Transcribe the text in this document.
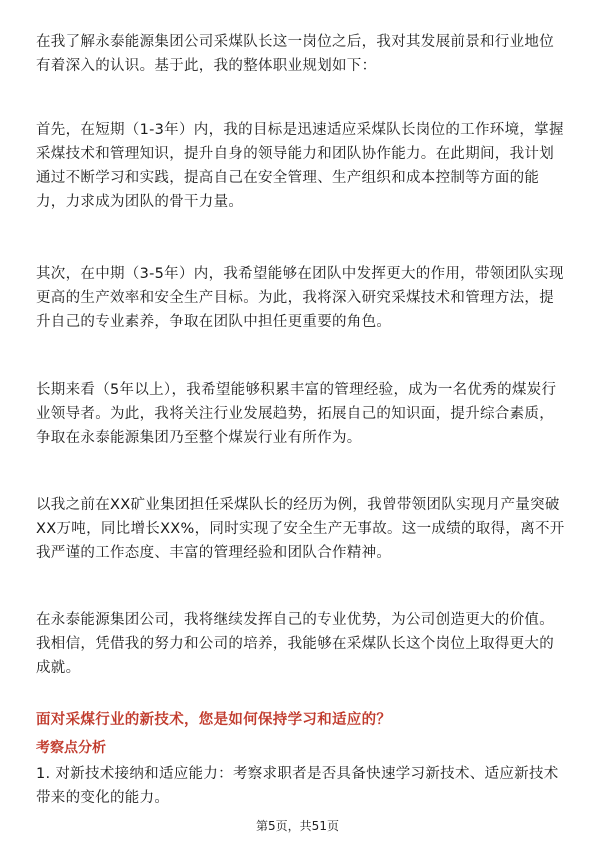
在我了解永泰能源集团公司采煤队长这一岗位之后，我对其发展前景和行业地位有着深入的认识。基于此，我的整体职业规划如下：

首先，在短期（1-3年）内，我的目标是迅速适应采煤队长岗位的工作环境，掌握采煤技术和管理知识，提升自身的领导能力和团队协作能力。在此期间，我计划通过不断学习和实践，提高自己在安全管理、生产组织和成本控制等方面的能力，力求成为团队的骨干力量。

其次，在中期（3-5年）内，我希望能够在团队中发挥更大的作用，带领团队实现更高的生产效率和安全生产目标。为此，我将深入研究采煤技术和管理方法，提升自己的专业素养，争取在团队中担任更重要的角色。

长期来看（5年以上），我希望能够积累丰富的管理经验，成为一名优秀的煤炭行业领导者。为此，我将关注行业发展趋势，拓展自己的知识面，提升综合素质，争取在永泰能源集团乃至整个煤炭行业有所作为。

以我之前在XX矿业集团担任采煤队长的经历为例，我曾带领团队实现月产量突破XX万吨，同比增长XX%，同时实现了安全生产无事故。这一成绩的取得，离不开我严谨的工作态度、丰富的管理经验和团队合作精神。

在永泰能源集团公司，我将继续发挥自己的专业优势，为公司创造更大的价值。我相信，凭借我的努力和公司的培养，我能够在采煤队长这个岗位上取得更大的成就。

面对采煤行业的新技术，您是如何保持学习和适应的？

考察点分析

1. 对新技术接纳和适应能力：考察求职者是否具备快速学习新技术、适应新技术带来的变化的能力。

第5页，共51页
